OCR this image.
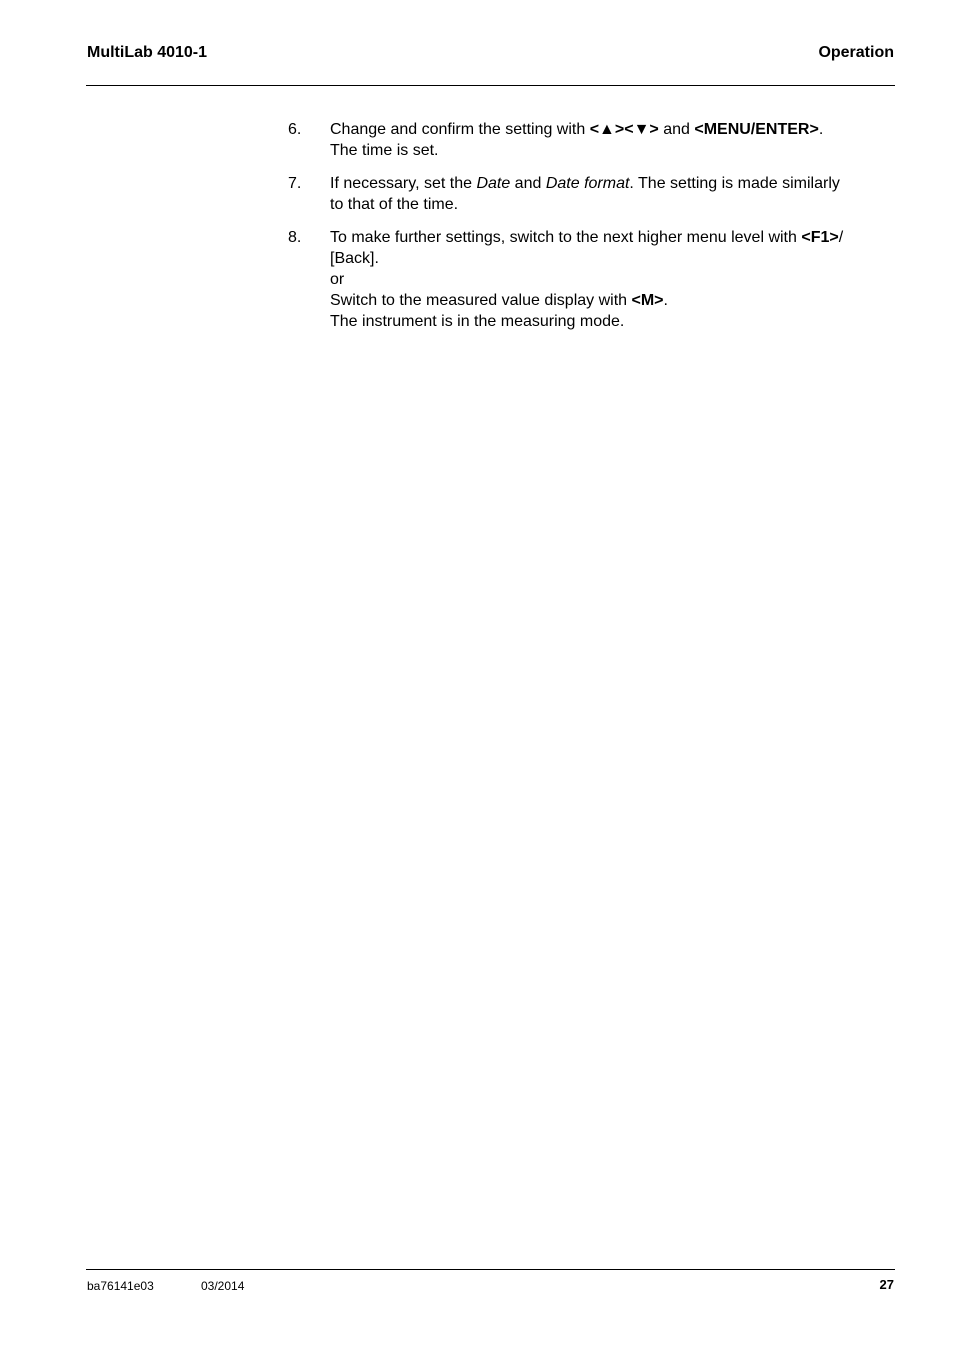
MultiLab 4010-1	Operation
6. Change and confirm the setting with <▲><▼> and <MENU/ENTER>.
The time is set.
7. If necessary, set the Date and Date format. The setting is made similarly
to that of the time.
8. To make further settings, switch to the next higher menu level with <F1>/
[Back].
or
Switch to the measured value display with <M>.
The instrument is in the measuring mode.
ba76141e03	03/2014	27
